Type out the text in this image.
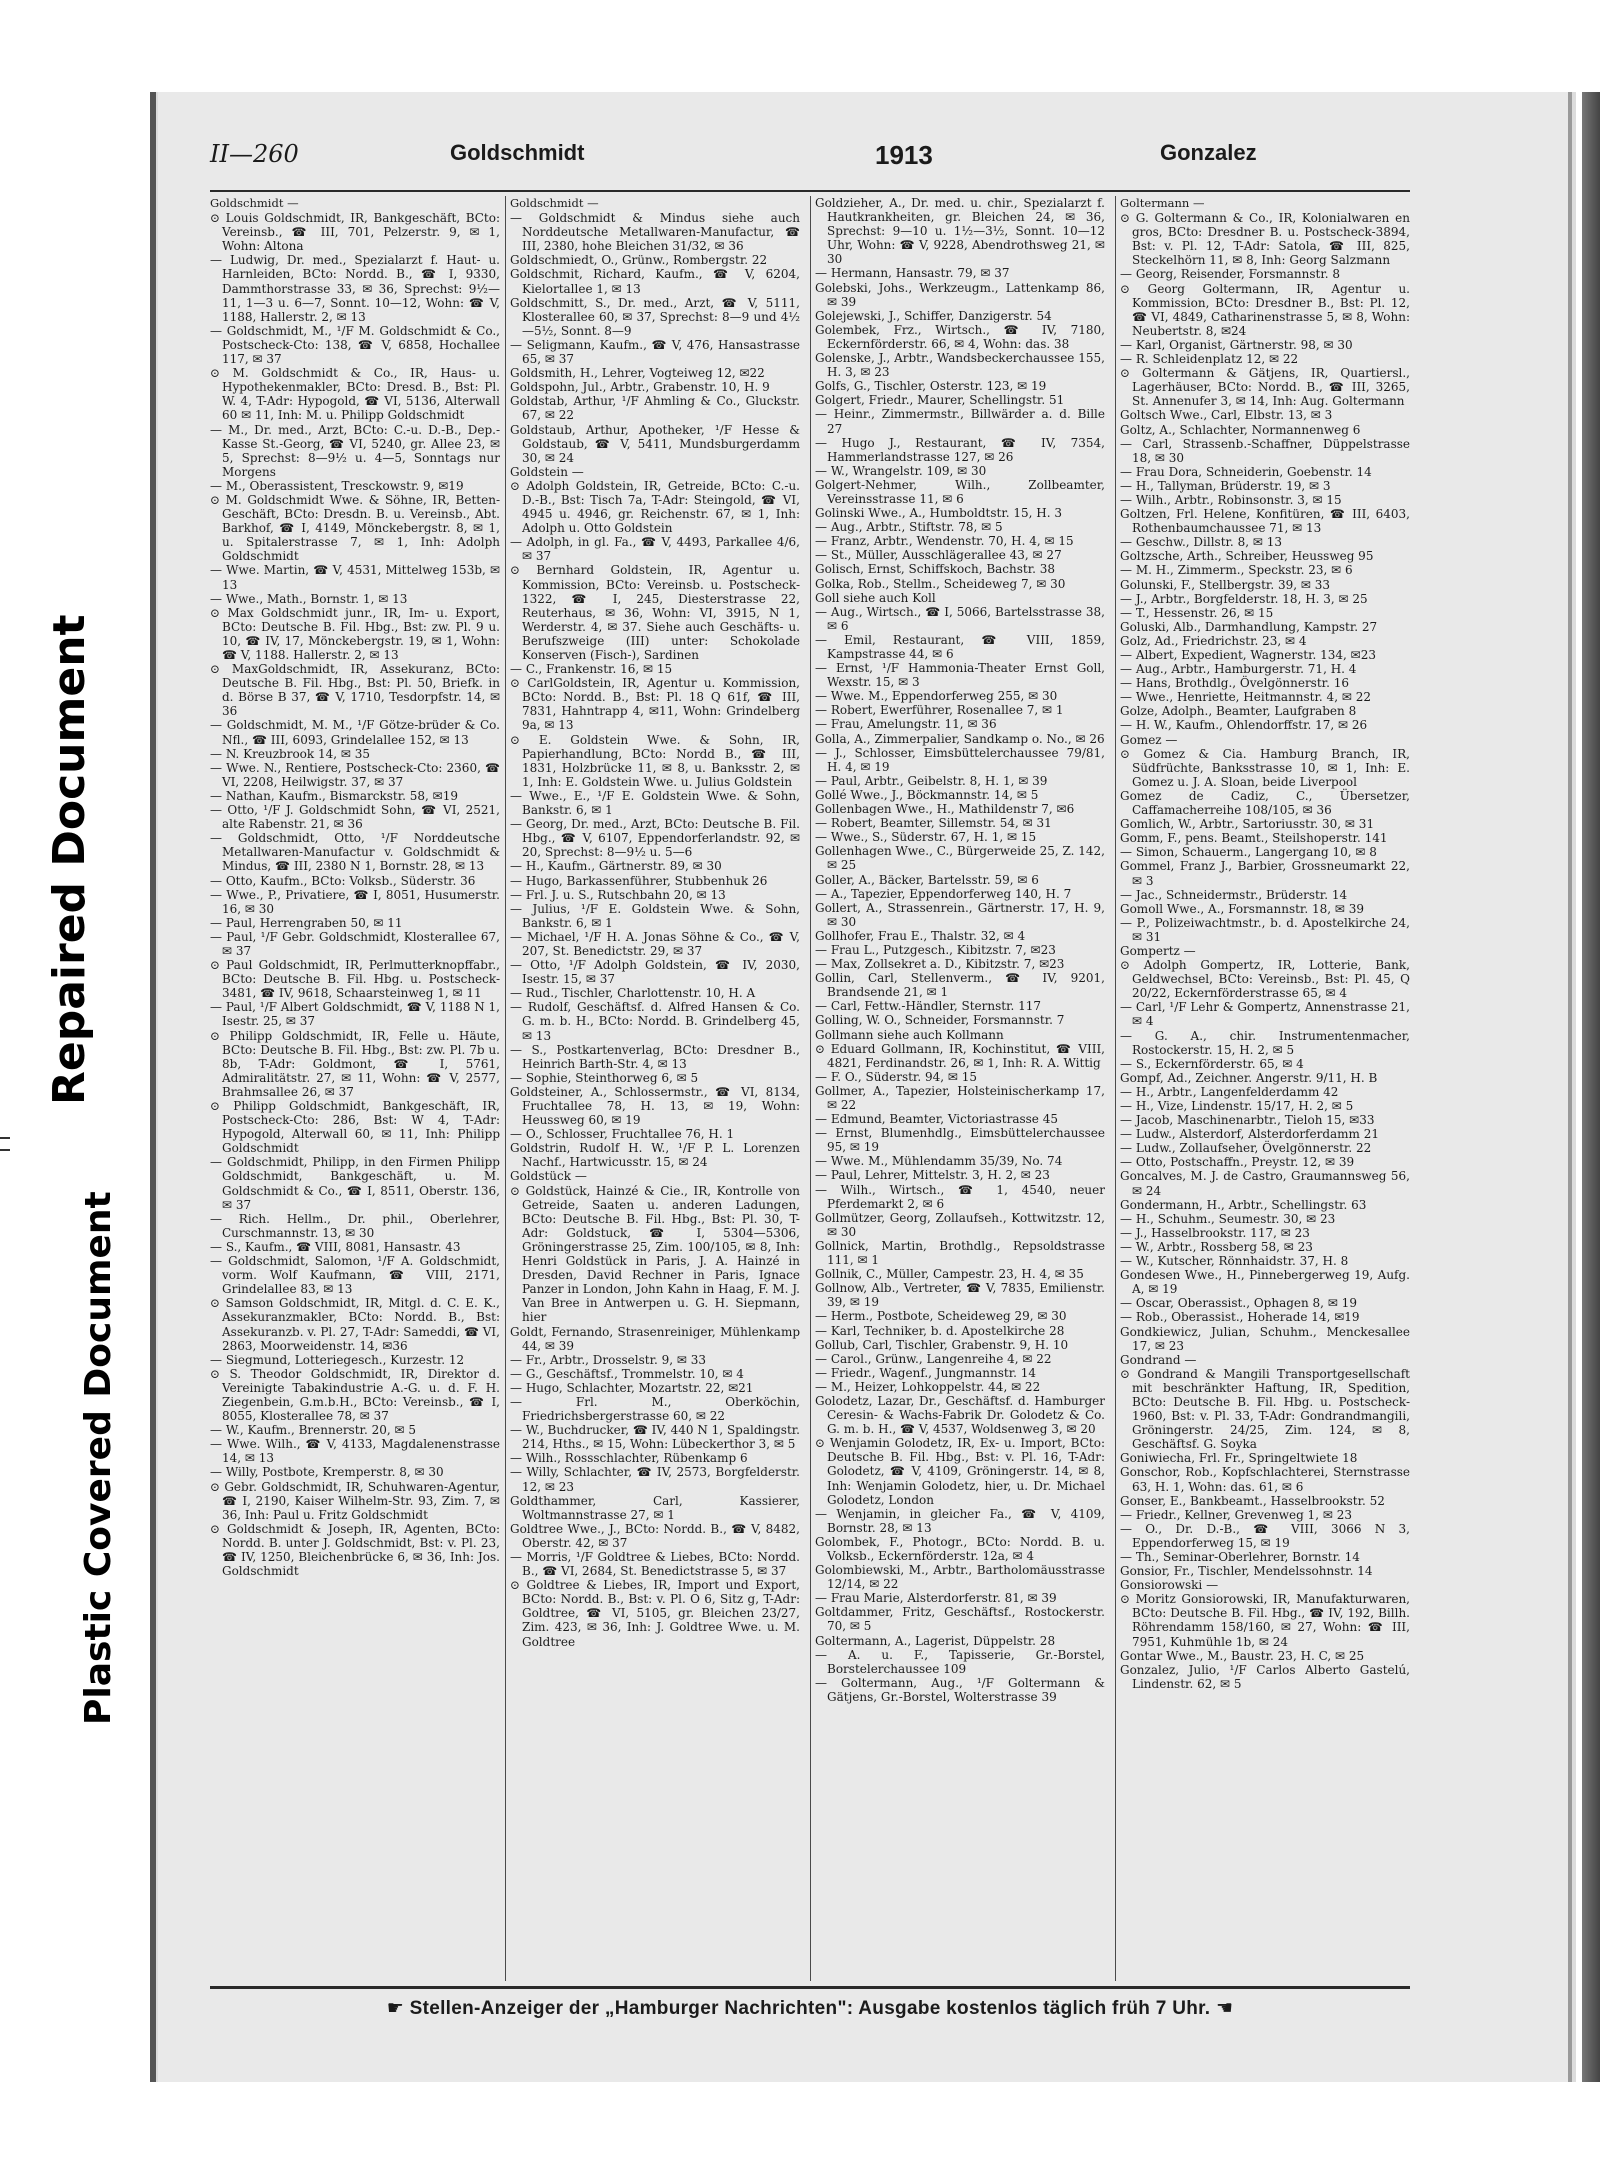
Repaired Document
Plastic Covered Document
II—260	Goldschmidt	1913	Gonzalez
Goldschmidt —
⊙ Louis Goldschmidt, IR, Bankgeschäft, BCto: Vereinsb., ☎ III, 701, Pelzerstr. 9, ✉ 1, Wohn: Altona
— Ludwig, Dr. med., Spezialarzt f. Haut- u. Harnleiden, BCto: Nordd. B., ☎ I, 9330, Dammthorstrasse 33, ✉ 36, Sprechst: 9½—11, 1—3 u. 6—7, Sonnt. 10—12, Wohn: ☎ V, 1188, Hallerstr. 2, ✉ 13
— Goldschmidt, M., ¹/F M. Goldschmidt & Co., Postscheck-Cto: 138, ☎ V, 6858, Hochallee 117, ✉ 37
⊙ M. Goldschmidt & Co., IR, Haus- u. Hypothekenmakler, BCto: Dresd. B., Bst: Pl. W. 4, T-Adr: Hypogold, ☎ VI, 5136, Alterwall 60 ✉ 11, Inh: M. u. Philipp Goldschmidt
— M., Dr. med., Arzt, BCto: C.-u. D.-B., Dep.-Kasse St.-Georg, ☎ VI, 5240, gr. Allee 23, ✉ 5, Sprechst: 8—9½ u. 4—5, Sonntags nur Morgens
— M., Oberassistent, Tresckowstr. 9, ✉19
⊙ M. Goldschmidt Wwe. & Söhne, IR, Betten-Geschäft, BCto: Dresdn. B. u. Vereinsb., Abt. Barkhof, ☎ I, 4149, Mönckebergstr. 8, ✉ 1, u. Spitalerstrasse 7, ✉ 1, Inh: Adolph Goldschmidt
— Wwe. Martin, ☎ V, 4531, Mittelweg 153b, ✉ 13
— Wwe., Math., Bornstr. 1, ✉ 13
⊙ Max Goldschmidt junr., IR, Im- u. Export, BCto: Deutsche B. Fil. Hbg., Bst: zw. Pl. 9 u. 10, ☎ IV, 17, Mönckebergstr. 19, ✉ 1, Wohn: ☎ V, 1188. Hallerstr. 2, ✉ 13
⊙ MaxGoldschmidt, IR, Assekuranz, BCto: Deutsche B. Fil. Hbg., Bst: Pl. 50, Briefk. in d. Börse B 37, ☎ V, 1710, Tesdorpfstr. 14, ✉ 36
— Goldschmidt, M. M., ¹/F Götze-brüder & Co. Nfl., ☎ III, 6093, Grindelallee 152, ✉ 13
— N. Kreuzbrook 14, ✉ 35
— Wwe. N., Rentiere, Postscheck-Cto: 2360, ☎ VI, 2208, Heilwigstr. 37, ✉ 37
— Nathan, Kaufm., Bismarckstr. 58, ✉19
— Otto, ¹/F J. Goldschmidt Sohn, ☎ VI, 2521, alte Rabenstr. 21, ✉ 36
— Goldschmidt, Otto, ¹/F Norddeutsche Metallwaren-Manufactur v. Goldschmidt & Mindus, ☎ III, 2380 N 1, Bornstr. 28, ✉ 13
— Otto, Kaufm., BCto: Volksb., Süderstr. 36
— Wwe., P., Privatiere, ☎ I, 8051, Husumerstr. 16, ✉ 30
— Paul, Herrengraben 50, ✉ 11
— Paul, ¹/F Gebr. Goldschmidt, Klosterallee 67, ✉ 37
⊙ Paul Goldschmidt, IR, Perlmutterknopffabr., BCto: Deutsche B. Fil. Hbg. u. Postscheck-3481, ☎ IV, 9618, Schaarsteinweg 1, ✉ 11
— Paul, ¹/F Albert Goldschmidt, ☎ V, 1188 N 1, Isestr. 25, ✉ 37
⊙ Philipp Goldschmidt, IR, Felle u. Häute, BCto: Deutsche B. Fil. Hbg., Bst: zw. Pl. 7b u. 8b, T-Adr: Goldmont, ☎ I, 5761, Admiralitätstr. 27, ✉ 11, Wohn: ☎ V, 2577, Brahmsallee 26, ✉ 37
⊙ Philipp Goldschmidt, Bankgeschäft, IR, Postscheck-Cto: 286, Bst: W 4, T-Adr: Hypogold, Alterwall 60, ✉ 11, Inh: Philipp Goldschmidt
— Goldschmidt, Philipp, in den Firmen Philipp Goldschmidt, Bankgeschäft, u. M. Goldschmidt & Co., ☎ I, 8511, Oberstr. 136, ✉ 37
— Rich. Hellm., Dr. phil., Oberlehrer, Curschmannstr. 13, ✉ 30
— S., Kaufm., ☎ VIII, 8081, Hansastr. 43
— Goldschmidt, Salomon, ¹/F A. Goldschmidt, vorm. Wolf Kaufmann, ☎ VIII, 2171, Grindelallee 83, ✉ 13
⊙ Samson Goldschmidt, IR, Mitgl. d. C. E. K., Assekuranzmakler, BCto: Nordd. B., Bst: Assekuranzb. v. Pl. 27, T-Adr: Sameddi, ☎ VI, 2863, Moorweidenstr. 14, ✉36
— Siegmund, Lotteriegesch., Kurzestr. 12
⊙ S. Theodor Goldschmidt, IR, Direktor d. Vereinigte Tabakindustrie A.-G. u. d. F. H. Ziegenbein, G.m.b.H., BCto: Vereinsb., ☎ I, 8055, Klosterallee 78, ✉ 37
— W., Kaufm., Brennerstr. 20, ✉ 5
— Wwe. Wilh., ☎ V, 4133, Magdalenenstrasse 14, ✉ 13
— Willy, Postbote, Kremperstr. 8, ✉ 30
⊙ Gebr. Goldschmidt, IR, Schuhwaren-Agentur, ☎ I, 2190, Kaiser Wilhelm-Str. 93, Zim. 7, ✉ 36, Inh: Paul u. Fritz Goldschmidt
⊙ Goldschmidt & Joseph, IR, Agenten, BCto: Nordd. B. unter J. Goldschmidt, Bst: v. Pl. 23, ☎ IV, 1250, Bleichenbrücke 6, ✉ 36, Inh: Jos. Goldschmidt
Goldschmidt —
— Goldschmidt & Mindus siehe auch Norddeutsche Metallwaren-Manufactur, ☎ III, 2380, hohe Bleichen 31/32, ✉ 36
Goldschmiedt, O., Grünw., Rombergstr. 22
Goldschmit, Richard, Kaufm., ☎ V, 6204, Kielortallee 1, ✉ 13
Goldschmitt, S., Dr. med., Arzt, ☎ V, 5111, Klosterallee 60, ✉ 37, Sprechst: 8—9 und 4½—5½, Sonnt. 8—9
— Seligmann, Kaufm., ☎ V, 476, Hansastrasse 65, ✉ 37
Goldsmith, H., Lehrer, Vogteiweg 12, ✉22
Goldspohn, Jul., Arbtr., Grabenstr. 10, H. 9
Goldstab, Arthur, ¹/F Ahmling & Co., Gluckstr. 67, ✉ 22
Goldstaub, Arthur, Apotheker, ¹/F Hesse & Goldstaub, ☎ V, 5411, Mundsburgerdamm 30, ✉ 24
Goldstein —
⊙ Adolph Goldstein, IR, Getreide, BCto: C.-u. D.-B., Bst: Tisch 7a, T-Adr: Steingold, ☎ VI, 4945 u. 4946, gr. Reichenstr. 67, ✉ 1, Inh: Adolph u. Otto Goldstein
— Adolph, in gl. Fa., ☎ V, 4493, Parkallee 4/6, ✉ 37
⊙ Bernhard Goldstein, IR, Agentur u. Kommission, BCto: Vereinsb. u. Postscheck-1322, ☎ I, 245, Diesterstrasse 22, Reuterhaus, ✉ 36, Wohn: VI, 3915, N 1, Werderstr. 4, ✉ 37. Siehe auch Geschäfts- u. Berufszweige (III) unter: Schokolade Konserven (Fisch-), Sardinen
— C., Frankenstr. 16, ✉ 15
⊙ CarlGoldstein, IR, Agentur u. Kommission, BCto: Nordd. B., Bst: Pl. 18 Q 61f, ☎ III, 7831, Hahntrapp 4, ✉11, Wohn: Grindelberg 9a, ✉ 13
⊙ E. Goldstein Wwe. & Sohn, IR, Papierhandlung, BCto: Nordd B., ☎ III, 1831, Holzbrücke 11, ✉ 8, u. Banksstr. 2, ✉ 1, Inh: E. Goldstein Wwe. u. Julius Goldstein
— Wwe., E., ¹/F E. Goldstein Wwe. & Sohn, Bankstr. 6, ✉ 1
— Georg, Dr. med., Arzt, BCto: Deutsche B. Fil. Hbg., ☎ V, 6107, Eppendorferlandstr. 92, ✉ 20, Sprechst: 8—9½ u. 5—6
— H., Kaufm., Gärtnerstr. 89, ✉ 30
— Hugo, Barkassenführer, Stubbenhuk 26
— Frl. J. u. S., Rutschbahn 20, ✉ 13
— Julius, ¹/F E. Goldstein Wwe. & Sohn, Bankstr. 6, ✉ 1
— Michael, ¹/F H. A. Jonas Söhne & Co., ☎ V, 207, St. Benedictstr. 29, ✉ 37
— Otto, ¹/F Adolph Goldstein, ☎ IV, 2030, Isestr. 15, ✉ 37
— Rud., Tischler, Charlottenstr. 10, H. A
— Rudolf, Geschäftsf. d. Alfred Hansen & Co. G. m. b. H., BCto: Nordd. B. Grindelberg 45, ✉ 13
— S., Postkartenverlag, BCto: Dresdner B., Heinrich Barth-Str. 4, ✉ 13
— Sophie, Steinthorweg 6, ✉ 5
Goldsteiner, A., Schlossermstr., ☎ VI, 8134, Fruchtallee 78, H. 13, ✉ 19, Wohn: Heussweg 60, ✉ 19
— O., Schlosser, Fruchtallee 76, H. 1
Goldstrin, Rudolf H. W., ¹/F P. L. Lorenzen Nachf., Hartwicusstr. 15, ✉ 24
Goldstück —
⊙ Goldstück, Hainzé & Cie., IR, Kontrolle von Getreide, Saaten u. anderen Ladungen, BCto: Deutsche B. Fil. Hbg., Bst: Pl. 30, T-Adr: Goldstuck, ☎ I, 5304—5306, Gröningerstrasse 25, Zim. 100/105, ✉ 8, Inh: Henri Goldstück in Paris, J. A. Hainzé in Dresden, David Rechner in Paris, Ignace Panzer in London, John Kahn in Haag, F. M. J. Van Bree in Antwerpen u. G. H. Siepmann, hier
Goldt, Fernando, Strasenreiniger, Mühlenkamp 44, ✉ 39
— Fr., Arbtr., Drosselstr. 9, ✉ 33
— G., Geschäftsf., Trommelstr. 10, ✉ 4
— Hugo, Schlachter, Mozartstr. 22, ✉21
— Frl. M., Oberköchin, Friedrichsbergerstrasse 60, ✉ 22
— W., Buchdrucker, ☎ IV, 440 N 1, Spaldingstr. 214, Hths., ✉ 15, Wohn: Lübeckerthor 3, ✉ 5
— Wilh., Rossschlachter, Rübenkamp 6
— Willy, Schlachter, ☎ IV, 2573, Borgfelderstr. 12, ✉ 23
Goldthammer, Carl, Kassierer, Woltmannstrasse 27, ✉ 1
Goldtree Wwe., J., BCto: Nordd. B., ☎ V, 8482, Oberstr. 42, ✉ 37
— Morris, ¹/F Goldtree & Liebes, BCto: Nordd. B., ☎ VI, 2684, St. Benedictstrasse 5, ✉ 37
⊙ Goldtree & Liebes, IR, Import und Export, BCto: Nordd. B., Bst: v. Pl. O 6, Sitz g, T-Adr: Goldtree, ☎ VI, 5105, gr. Bleichen 23/27, Zim. 423, ✉ 36, Inh: J. Goldtree Wwe. u. M. Goldtree
Goldzieher, A., Dr. med. u. chir., Spezialarzt f. Hautkrankheiten, gr. Bleichen 24, ✉ 36, Sprechst: 9—10 u. 1½—3½, Sonnt. 10—12 Uhr, Wohn: ☎ V, 9228, Abendrothsweg 21, ✉ 30
— Hermann, Hansastr. 79, ✉ 37
Golebski, Johs., Werkzeugm., Lattenkamp 86, ✉ 39
Golejewski, J., Schiffer, Danzigerstr. 54
Golembek, Frz., Wirtsch., ☎ IV, 7180, Eckernförderstr. 66, ✉ 4, Wohn: das. 38
Golenske, J., Arbtr., Wandsbeckerchaussee 155, H. 3, ✉ 23
Golfs, G., Tischler, Osterstr. 123, ✉ 19
Golgert, Friedr., Maurer, Schellingstr. 51
— Heinr., Zimmermstr., Billwärder a. d. Bille 27
— Hugo J., Restaurant, ☎ IV, 7354, Hammerlandstrasse 127, ✉ 26
— W., Wrangelstr. 109, ✉ 30
Golgert-Nehmer, Wilh., Zollbeamter, Vereinsstrasse 11, ✉ 6
Golinski Wwe., A., Humboldtstr. 15, H. 3
— Aug., Arbtr., Stiftstr. 78, ✉ 5
— Franz, Arbtr., Wendenstr. 70, H. 4, ✉ 15
— St., Müller, Ausschlägerallee 43, ✉ 27
Golisch, Ernst, Schiffskoch, Bachstr. 38
Golka, Rob., Stellm., Scheideweg 7, ✉ 30
Goll siehe auch Koll
— Aug., Wirtsch., ☎ I, 5066, Bartelsstrasse 38, ✉ 6
— Emil, Restaurant, ☎ VIII, 1859, Kampstrasse 44, ✉ 6
— Ernst, ¹/F Hammonia-Theater Ernst Goll, Wexstr. 15, ✉ 3
— Wwe. M., Eppendorferweg 255, ✉ 30
— Robert, Ewerführer, Rosenallee 7, ✉ 1
— Frau, Amelungstr. 11, ✉ 36
Golla, A., Zimmerpalier, Sandkamp o. No., ✉ 26
— J., Schlosser, Eimsbüttelerchaussee 79/81, H. 4, ✉ 19
— Paul, Arbtr., Geibelstr. 8, H. 1, ✉ 39
Gollé Wwe., J., Böckmannstr. 14, ✉ 5
Gollenbagen Wwe., H., Mathildenstr 7, ✉6
— Robert, Beamter, Sillemstr. 54, ✉ 31
— Wwe., S., Süderstr. 67, H. 1, ✉ 15
Gollenhagen Wwe., C., Bürgerweide 25, Z. 142, ✉ 25
Goller, A., Bäcker, Bartelsstr. 59, ✉ 6
— A., Tapezier, Eppendorferweg 140, H. 7
Gollert, A., Strassenrein., Gärtnerstr. 17, H. 9, ✉ 30
Gollhofer, Frau E., Thalstr. 32, ✉ 4
— Frau L., Putzgesch., Kibitzstr. 7, ✉23
— Max, Zollsekret a. D., Kibitzstr. 7, ✉23
Gollin, Carl, Stellenverm., ☎ IV, 9201, Brandsende 21, ✉ 1
— Carl, Fettw.-Händler, Sternstr. 117
Golling, W. O., Schneider, Forsmannstr. 7
Gollmann siehe auch Kollmann
⊙ Eduard Gollmann, IR, Kochinstitut, ☎ VIII, 4821, Ferdinandstr. 26, ✉ 1, Inh: R. A. Wittig
— F. O., Süderstr. 94, ✉ 15
Gollmer, A., Tapezier, Holsteinischerkamp 17, ✉ 22
— Edmund, Beamter, Victoriastrasse 45
— Ernst, Blumenhdlg., Eimsbüttelerchaussee 95, ✉ 19
— Wwe. M., Mühlendamm 35/39, No. 74
— Paul, Lehrer, Mittelstr. 3, H. 2, ✉ 23
— Wilh., Wirtsch., ☎ 1, 4540, neuer Pferdemarkt 2, ✉ 6
Gollmützer, Georg, Zollaufseh., Kottwitzstr. 12, ✉ 30
Gollnick, Martin, Brothdlg., Repsoldstrasse 111, ✉ 1
Gollnik, C., Müller, Campestr. 23, H. 4, ✉ 35
Gollnow, Alb., Vertreter, ☎ V, 7835, Emilienstr. 39, ✉ 19
— Herm., Postbote, Scheideweg 29, ✉ 30
— Karl, Techniker, b. d. Apostelkirche 28
Gollub, Carl, Tischler, Grabenstr. 9, H. 10
— Carol., Grünw., Langenreihe 4, ✉ 22
— Friedr., Wagenf., Jungmannstr. 14
— M., Heizer, Lohkoppelstr. 44, ✉ 22
Golodetz, Lazar, Dr., Geschäftsf. d. Hamburger Ceresin- & Wachs-Fabrik Dr. Golodetz & Co. G. m. b. H., ☎ V, 4537, Woldsenweg 3, ✉ 20
⊙ Wenjamin Golodetz, IR, Ex- u. Import, BCto: Deutsche B. Fil. Hbg., Bst: v. Pl. 16, T-Adr: Golodetz, ☎ V, 4109, Gröningerstr. 14, ✉ 8, Inh: Wenjamin Golodetz, hier, u. Dr. Michael Golodetz, London
— Wenjamin, in gleicher Fa., ☎ V, 4109, Bornstr. 28, ✉ 13
Golombek, F., Photogr., BCto: Nordd. B. u. Volksb., Eckernförderstr. 12a, ✉ 4
Golombiewski, M., Arbtr., Bartholomäusstrasse 12/14, ✉ 22
— Frau Marie, Alsterdorferstr. 81, ✉ 39
Goltdammer, Fritz, Geschäftsf., Rostockerstr. 70, ✉ 5
Goltermann, A., Lagerist, Düppelstr. 28
— A. u. F., Tapisserie, Gr.-Borstel, Borstelerchaussee 109
— Goltermann, Aug., ¹/F Goltermann & Gätjens, Gr.-Borstel, Wolterstrasse 39
Goltermann —
⊙ G. Goltermann & Co., IR, Kolonialwaren en gros, BCto: Dresdner B. u. Postscheck-3894, Bst: v. Pl. 12, T-Adr: Satola, ☎ III, 825, Steckelhörn 11, ✉ 8, Inh: Georg Salzmann
— Georg, Reisender, Forsmannstr. 8
⊙ Georg Goltermann, IR, Agentur u. Kommission, BCto: Dresdner B., Bst: Pl. 12, ☎ VI, 4849, Catharinenstrasse 5, ✉ 8, Wohn: Neubertstr. 8, ✉24
— Karl, Organist, Gärtnerstr. 98, ✉ 30
— R. Schleidenplatz 12, ✉ 22
⊙ Goltermann & Gätjens, IR, Quartiersl., Lagerhäuser, BCto: Nordd. B., ☎ III, 3265, St. Annenufer 3, ✉ 14, Inh: Aug. Goltermann
Goltsch Wwe., Carl, Elbstr. 13, ✉ 3
Goltz, A., Schlachter, Normannenweg 6
— Carl, Strassenb.-Schaffner, Düppelstrasse 18, ✉ 30
— Frau Dora, Schneiderin, Goebenstr. 14
— H., Tallyman, Brüderstr. 19, ✉ 3
— Wilh., Arbtr., Robinsonstr. 3, ✉ 15
Goltzen, Frl. Helene, Konfitüren, ☎ III, 6403, Rothenbaumchaussee 71, ✉ 13
— Geschw., Dillstr. 8, ✉ 13
Goltzsche, Arth., Schreiber, Heussweg 95
— M. H., Zimmerm., Speckstr. 23, ✉ 6
Golunski, F., Stellbergstr. 39, ✉ 33
— J., Arbtr., Borgfelderstr. 18, H. 3, ✉ 25
— T., Hessenstr. 26, ✉ 15
Goluski, Alb., Darmhandlung, Kampstr. 27
Golz, Ad., Friedrichstr. 23, ✉ 4
— Albert, Expedient, Wagnerstr. 134, ✉23
— Aug., Arbtr., Hamburgerstr. 71, H. 4
— Hans, Brothdlg., Övelgönnerstr. 16
— Wwe., Henriette, Heitmannstr. 4, ✉ 22
Golze, Adolph., Beamter, Laufgraben 8
— H. W., Kaufm., Ohlendorffstr. 17, ✉ 26
Gomez —
⊙ Gomez & Cia. Hamburg Branch, IR, Südfrüchte, Banksstrasse 10, ✉ 1, Inh: E. Gomez u. J. A. Sloan, beide Liverpool
Gomez de Cadiz, C., Übersetzer, Caffamacherreihe 108/105, ✉ 36
Gomlich, W., Arbtr., Sartoriusstr. 30, ✉ 31
Gomm, F., pens. Beamt., Steilshoperstr. 141
— Simon, Schauerm., Langergang 10, ✉ 8
Gommel, Franz J., Barbier, Grossneumarkt 22, ✉ 3
— Jac., Schneidermstr., Brüderstr. 14
Gomoll Wwe., A., Forsmannstr. 18, ✉ 39
— P., Polizeiwachtmstr., b. d. Apostelkirche 24, ✉ 31
Gompertz —
⊙ Adolph Gompertz, IR, Lotterie, Bank, Geldwechsel, BCto: Vereinsb., Bst: Pl. 45, Q 20/22, Eckernförderstrasse 65, ✉ 4
— Carl, ¹/F Lehr & Gompertz, Annenstrasse 21, ✉ 4
— G. A., chir. Instrumentenmacher, Rostockerstr. 15, H. 2, ✉ 5
— S., Eckernförderstr. 65, ✉ 4
Gompf, Ad., Zeichner. Angerstr. 9/11, H. B
— H., Arbtr., Langenfelderdamm 42
— H., Vize, Lindenstr. 15/17, H. 2, ✉ 5
— Jacob, Maschinenarbtr., Tieloh 15, ✉33
— Ludw., Alsterdorf, Alsterdorferdamm 21
— Ludw., Zollaufseher, Övelgönnerstr. 22
— Otto, Postschaffn., Preystr. 12, ✉ 39
Goncalves, M. J. de Castro, Graumannsweg 56, ✉ 24
Gondermann, H., Arbtr., Schellingstr. 63
— H., Schuhm., Seumestr. 30, ✉ 23
— J., Hasselbrookstr. 117, ✉ 23
— W., Arbtr., Rossberg 58, ✉ 23
— W., Kutscher, Rönnhaidstr. 37, H. 8
Gondesen Wwe., H., Pinnebergerweg 19, Aufg. A, ✉ 19
— Oscar, Oberassist., Ophagen 8, ✉ 19
— Rob., Oberassist., Hoherade 14, ✉19
Gondkiewicz, Julian, Schuhm., Menckesallee 17, ✉ 23
Gondrand —
⊙ Gondrand & Mangili Transportgesellschaft mit beschränkter Haftung, IR, Spedition, BCto: Deutsche B. Fil. Hbg. u. Postscheck-1960, Bst: v. Pl. 33, T-Adr: Gondrandmangili, Gröningerstr. 24/25, Zim. 124, ✉ 8, Geschäftsf. G. Soyka
Goniwiecha, Frl. Fr., Springeltwiete 18
Gonschor, Rob., Kopfschlachterei, Sternstrasse 63, H. 1, Wohn: das. 61, ✉ 6
Gonser, E., Bankbeamt., Hasselbrookstr. 52
— Friedr., Kellner, Grevenweg 1, ✉ 23
— O., Dr. D.-B., ☎ VIII, 3066 N 3, Eppendorferweg 15, ✉ 19
— Th., Seminar-Oberlehrer, Bornstr. 14
Gonsior, Fr., Tischler, Mendelssohnstr. 14
Gonsiorowski —
⊙ Moritz Gonsiorowski, IR, Manufakturwaren, BCto: Deutsche B. Fil. Hbg., ☎ IV, 192, Billh. Röhrendamm 158/160, ✉ 27, Wohn: ☎ III, 7951, Kuhmühle 1b, ✉ 24
Gontar Wwe., M., Baustr. 23, H. C, ✉ 25
Gonzalez, Julio, ¹/F Carlos Alberto Gastelú, Lindenstr. 62, ✉ 5
☛ Stellen-Anzeiger der „Hamburger Nachrichten": Ausgabe kostenlos täglich früh 7 Uhr. ☚
